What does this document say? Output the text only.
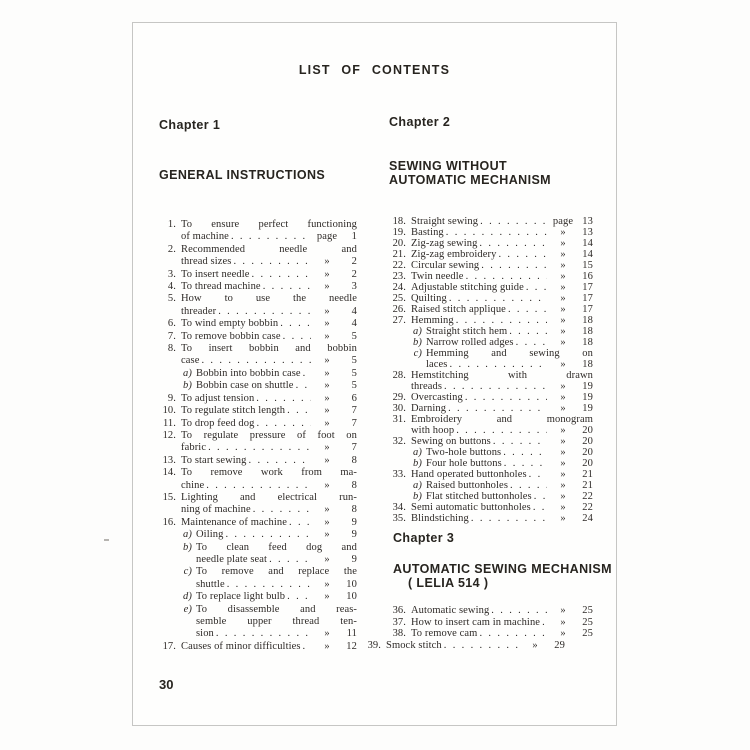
LIST OF CONTENTS
Chapter 1	Chapter 2
GENERAL INSTRUCTIONS
SEWING WITHOUT
AUTOMATIC MECHANISM
1. To ensure perfect functioning
of machine . . .	page	1
2. Recommended needle and
thread sizes . . .	»	2
3. To insert needle . . .	»	2
4. To thread machine . . .	»	3
5. How to use the needle
threader . . .	»	4
6. To wind empty bobbin . . .	»	4
7. To remove bobbin case . . .	»	5
8. To insert bobbin and bobbin
case . . .	»	5
a) Bobbin into bobbin case . . .	»	5
b) Bobbin case on shuttle . . .	»	5
9. To adjust tension . . .	»	6
10. To regulate stitch length . . .	»	7
11. To drop feed dog . . .	»	7
12. To regulate pressure of foot on
fabric . . .	»	7
13. To start sewing . . .	»	8
14. To remove work from ma-
chine . . .	»	8
15. Lighting and electrical run-
ning of machine . . .	»	8
16. Maintenance of machine . . .	»	9
a) Oiling . . .	»	9
b) To clean feed dog and
needle plate seat . . .	»	9
c) To remove and replace the
shuttle . . .	»	10
d) To replace light bulb . . .	»	10
e) To disassemble and reas-
semble upper thread ten-
sion . . .	»	11
17. Causes of minor difficulties . . .	»	12
18. Straight sewing . . .	page 13
19. Basting . . .	»	13
20. Zig-zag sewing . . .	»	14
21. Zig-zag embroidery . . .	»	14
22. Circular sewing . . .	»	15
23. Twin needle . . .	»	16
24. Adjustable stitching guide . . .	»	17
25. Quilting . . .	»	17
26. Raised stitch applique . . .	»	17
27. Hemming . . .	»	18
a) Straight stitch hem . . .	»	18
b) Narrow rolled adges . . .	»	18
c) Hemming and sewing on
laces . . .	»	18
28. Hemstitching with drawn
threads . . .	»	19
29. Overcasting . . .	»	19
30. Darning . . .	»	19
31. Embroidery and monogram
with hoop . . .	»	20
32. Sewing on buttons . . .	»	20
a) Two-hole buttons . . .	»	20
b) Four hole buttons . . .	»	20
33. Hand operated buttonholes . . .	»	21
a) Raised buttonholes . . .	»	21
b) Flat stitched buttonholes . . .	»	22
34. Semi automatic buttonholes . . .	»	22
35. Blindstiching . . .	»	24
Chapter 3
AUTOMATIC SEWING MECHANISM
( LELIA 514 )
36. Automatic sewing . . .	»	25
37. How to insert cam in machine . . .	»	25
38. To remove cam . . .	»	25
39. Smock stitch . . .	»	29
30
